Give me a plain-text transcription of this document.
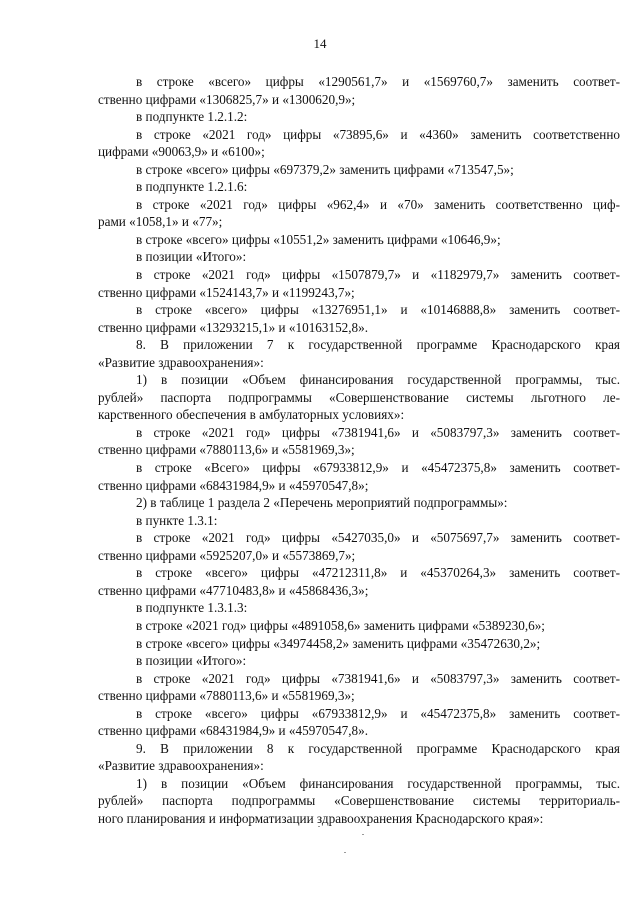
14
в строке «всего» цифры «1290561,7» и «1569760,7» заменить соответ-
ственно цифрами «1306825,7» и «1300620,9»;
в подпункте 1.2.1.2:
в строке «2021 год» цифры «73895,6» и «4360» заменить соответственно
цифрами «90063,9» и «6100»;
в строке «всего» цифры «697379,2» заменить цифрами «713547,5»;
в подпункте 1.2.1.6:
в строке «2021 год» цифры «962,4» и «70» заменить соответственно циф-
рами «1058,1» и «77»;
в строке «всего» цифры «10551,2» заменить цифрами «10646,9»;
в позиции «Итого»:
в строке «2021 год» цифры «1507879,7» и «1182979,7» заменить соответ-
ственно цифрами «1524143,7» и «1199243,7»;
в строке «всего» цифры «13276951,1» и «10146888,8» заменить соответ-
ственно цифрами «13293215,1» и «10163152,8».
8. В приложении 7 к государственной программе Краснодарского края
«Развитие здравоохранения»:
1) в позиции «Объем финансирования государственной программы, тыс.
рублей» паспорта подпрограммы «Совершенствование системы льготного ле-
карственного обеспечения в амбулаторных условиях»:
в строке «2021 год» цифры «7381941,6» и «5083797,3» заменить соответ-
ственно цифрами «7880113,6» и «5581969,3»;
в строке «Всего» цифры «67933812,9» и «45472375,8» заменить соответ-
ственно цифрами «68431984,9» и «45970547,8»;
2) в таблице 1 раздела 2 «Перечень мероприятий подпрограммы»:
в пункте 1.3.1:
в строке «2021 год» цифры «5427035,0» и «5075697,7» заменить соответ-
ственно цифрами «5925207,0» и «5573869,7»;
в строке «всего» цифры «47212311,8» и «45370264,3» заменить соответ-
ственно цифрами «47710483,8» и «45868436,3»;
в подпункте 1.3.1.3:
в строке «2021 год» цифры «4891058,6» заменить цифрами «5389230,6»;
в строке «всего» цифры «34974458,2» заменить цифрами «35472630,2»;
в позиции «Итого»:
в строке «2021 год» цифры «7381941,6» и «5083797,3» заменить соответ-
ственно цифрами «7880113,6» и «5581969,3»;
в строке «всего» цифры «67933812,9» и «45472375,8» заменить соответ-
ственно цифрами «68431984,9» и «45970547,8».
9. В приложении 8 к государственной программе Краснодарского края
«Развитие здравоохранения»:
1) в позиции «Объем финансирования государственной программы, тыс.
рублей» паспорта подпрограммы «Совершенствование системы территориаль-
ного планирования и информатизации здравоохранения Краснодарского края»:
